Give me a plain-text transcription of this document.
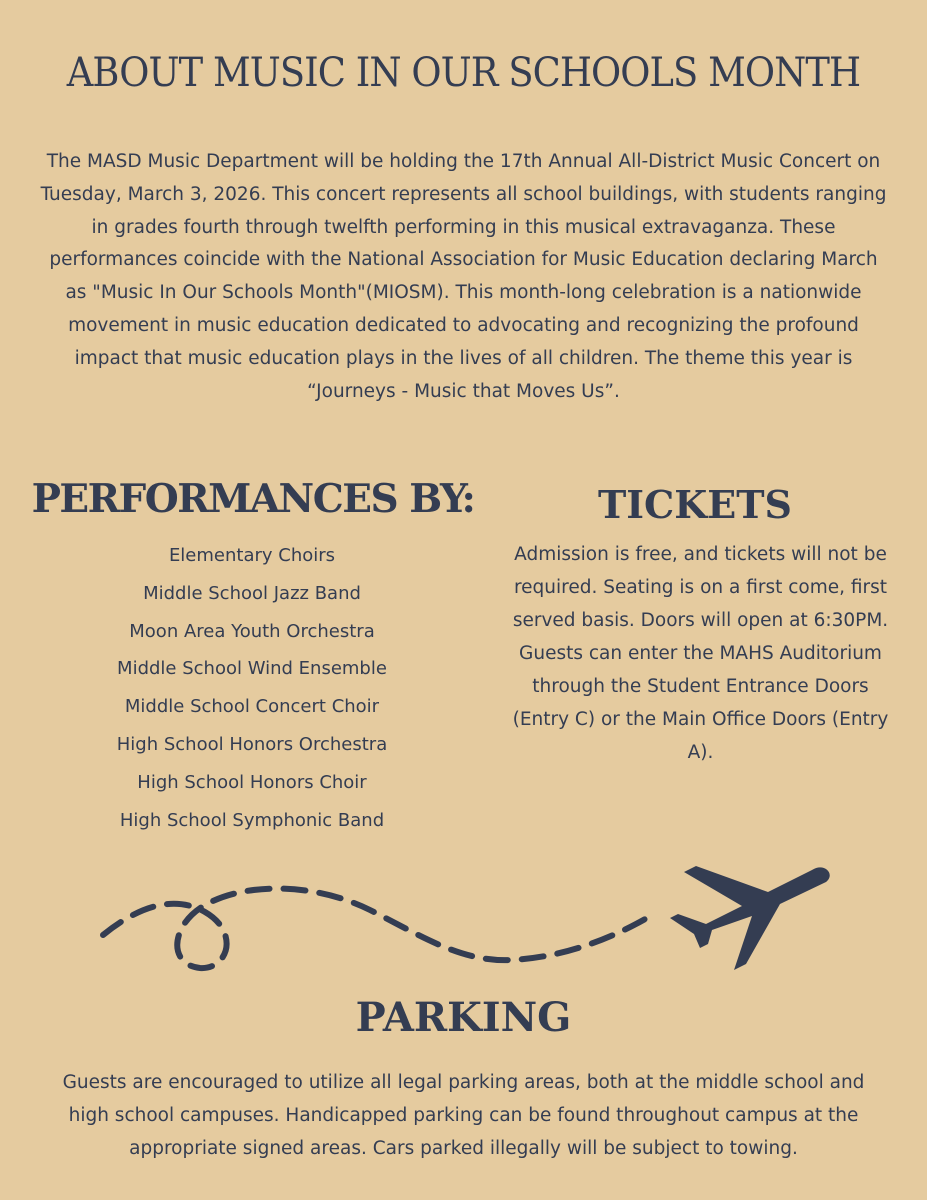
ABOUT MUSIC IN OUR SCHOOLS MONTH

The MASD Music Department will be holding the 17th Annual All-District Music Concert on Tuesday, March 3, 2026. This concert represents all school buildings, with students ranging in grades fourth through twelfth performing in this musical extravaganza. These performances coincide with the National Association for Music Education declaring March as "Music In Our Schools Month"(MIOSM). This month-long celebration is a nationwide movement in music education dedicated to advocating and recognizing the profound impact that music education plays in the lives of all children. The theme this year is “Journeys - Music that Moves Us”.

PERFORMANCES BY:
Elementary Choirs
Middle School Jazz Band
Moon Area Youth Orchestra
Middle School Wind Ensemble
Middle School Concert Choir
High School Honors Orchestra
High School Honors Choir
High School Symphonic Band
TICKETS

Admission is free, and tickets will not be required. Seating is on a first come, first served basis. Doors will open at 6:30PM. Guests can enter the MAHS Auditorium through the Student Entrance Doors (Entry C) or the Main Office Doors (Entry A).

PARKING

Guests are encouraged to utilize all legal parking areas, both at the middle school and high school campuses. Handicapped parking can be found throughout campus at the appropriate signed areas. Cars parked illegally will be subject to towing.
